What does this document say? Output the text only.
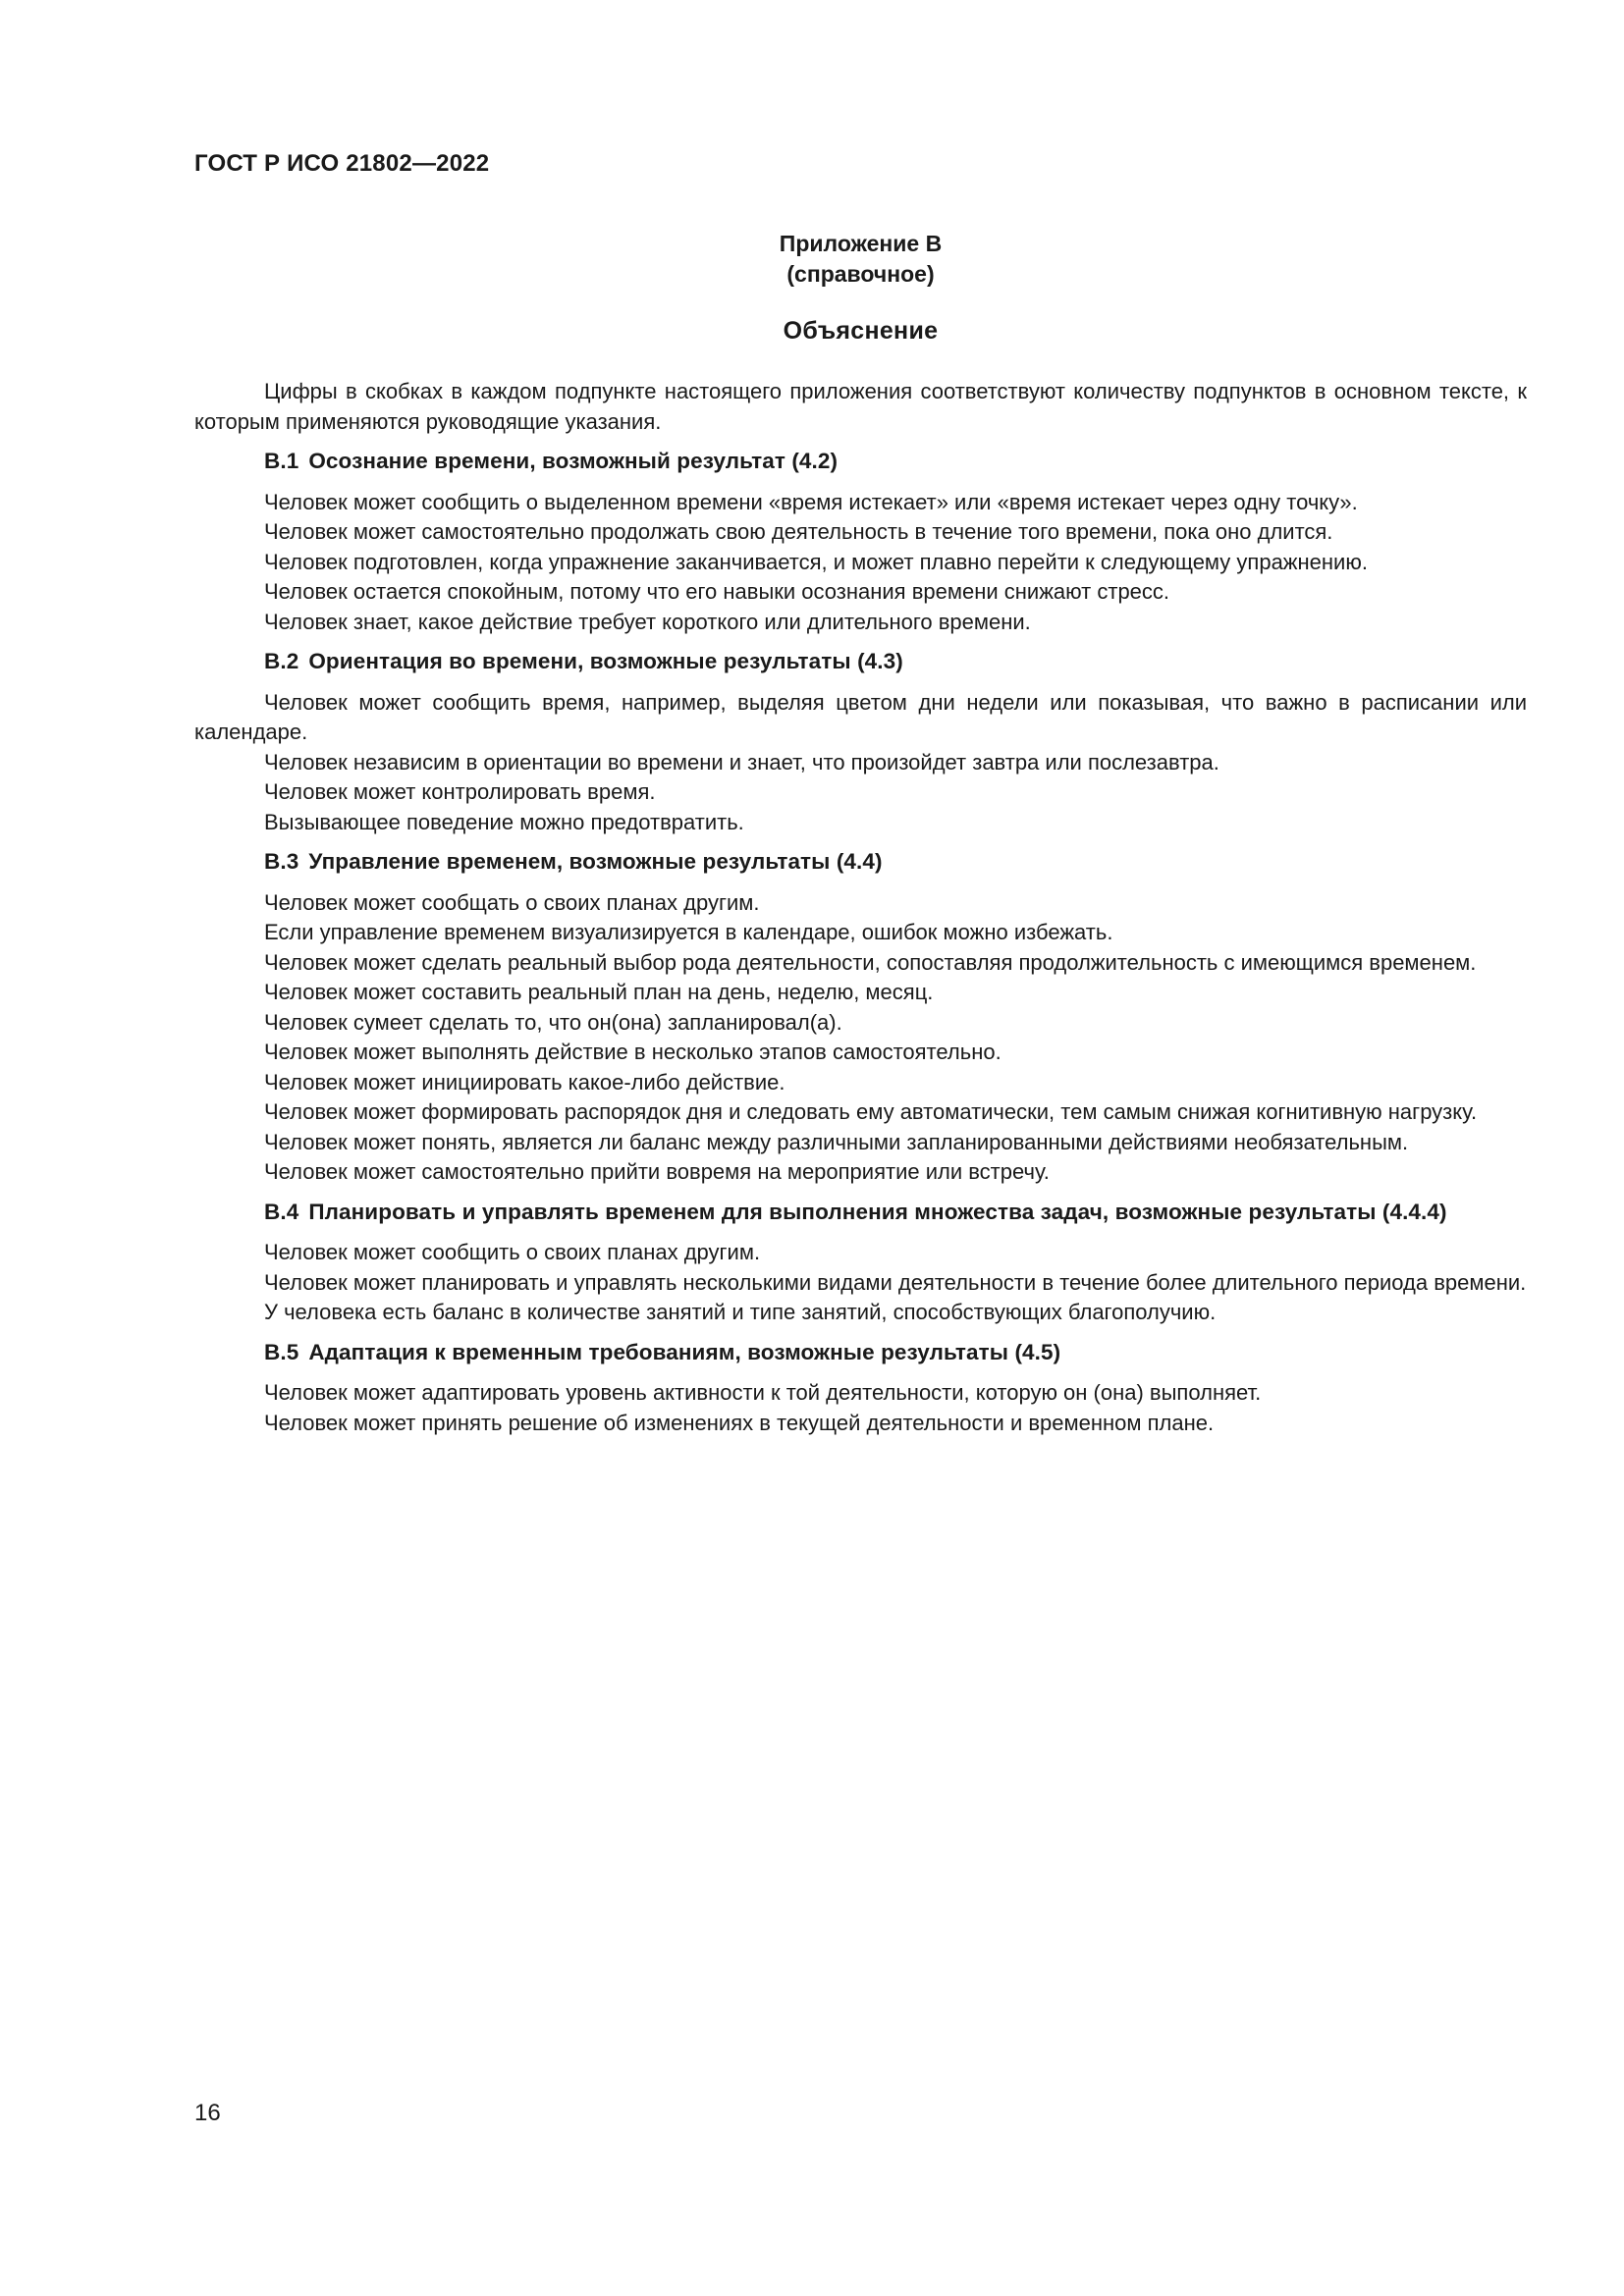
ГОСТ Р ИСО 21802—2022
Приложение В
(справочное)
Объяснение

Цифры в скобках в каждом подпункте настоящего приложения соответствуют количеству подпунктов в основном тексте, к которым применяются руководящие указания.

В.1 Осознание времени, возможный результат (4.2)

Человек может сообщить о выделенном времени «время истекает» или «время истекает через одну точку».

Человек может самостоятельно продолжать свою деятельность в течение того времени, пока оно длится.

Человек подготовлен, когда упражнение заканчивается, и может плавно перейти к следующему упражнению.

Человек остается спокойным, потому что его навыки осознания времени снижают стресс.

Человек знает, какое действие требует короткого или длительного времени.

В.2 Ориентация во времени, возможные результаты (4.3)

Человек может сообщить время, например, выделяя цветом дни недели или показывая, что важно в расписании или календаре.

Человек независим в ориентации во времени и знает, что произойдет завтра или послезавтра.

Человек может контролировать время.

Вызывающее поведение можно предотвратить.

В.3 Управление временем, возможные результаты (4.4)

Человек может сообщать о своих планах другим.

Если управление временем визуализируется в календаре, ошибок можно избежать.

Человек может сделать реальный выбор рода деятельности, сопоставляя продолжительность с имеющимся временем.

Человек может составить реальный план на день, неделю, месяц.

Человек сумеет сделать то, что он(она) запланировал(а).

Человек может выполнять действие в несколько этапов самостоятельно.

Человек может инициировать какое-либо действие.

Человек может формировать распорядок дня и следовать ему автоматически, тем самым снижая когнитивную нагрузку.

Человек может понять, является ли баланс между различными запланированными действиями необязательным.

Человек может самостоятельно прийти вовремя на мероприятие или встречу.

В.4 Планировать и управлять временем для выполнения множества задач, возможные результаты (4.4.4)

Человек может сообщить о своих планах другим.

Человек может планировать и управлять несколькими видами деятельности в течение более длительного периода времени.

У человека есть баланс в количестве занятий и типе занятий, способствующих благополучию.

В.5 Адаптация к временным требованиям, возможные результаты (4.5)

Человек может адаптировать уровень активности к той деятельности, которую он (она) выполняет.

Человек может принять решение об изменениях в текущей деятельности и временном плане.

16
